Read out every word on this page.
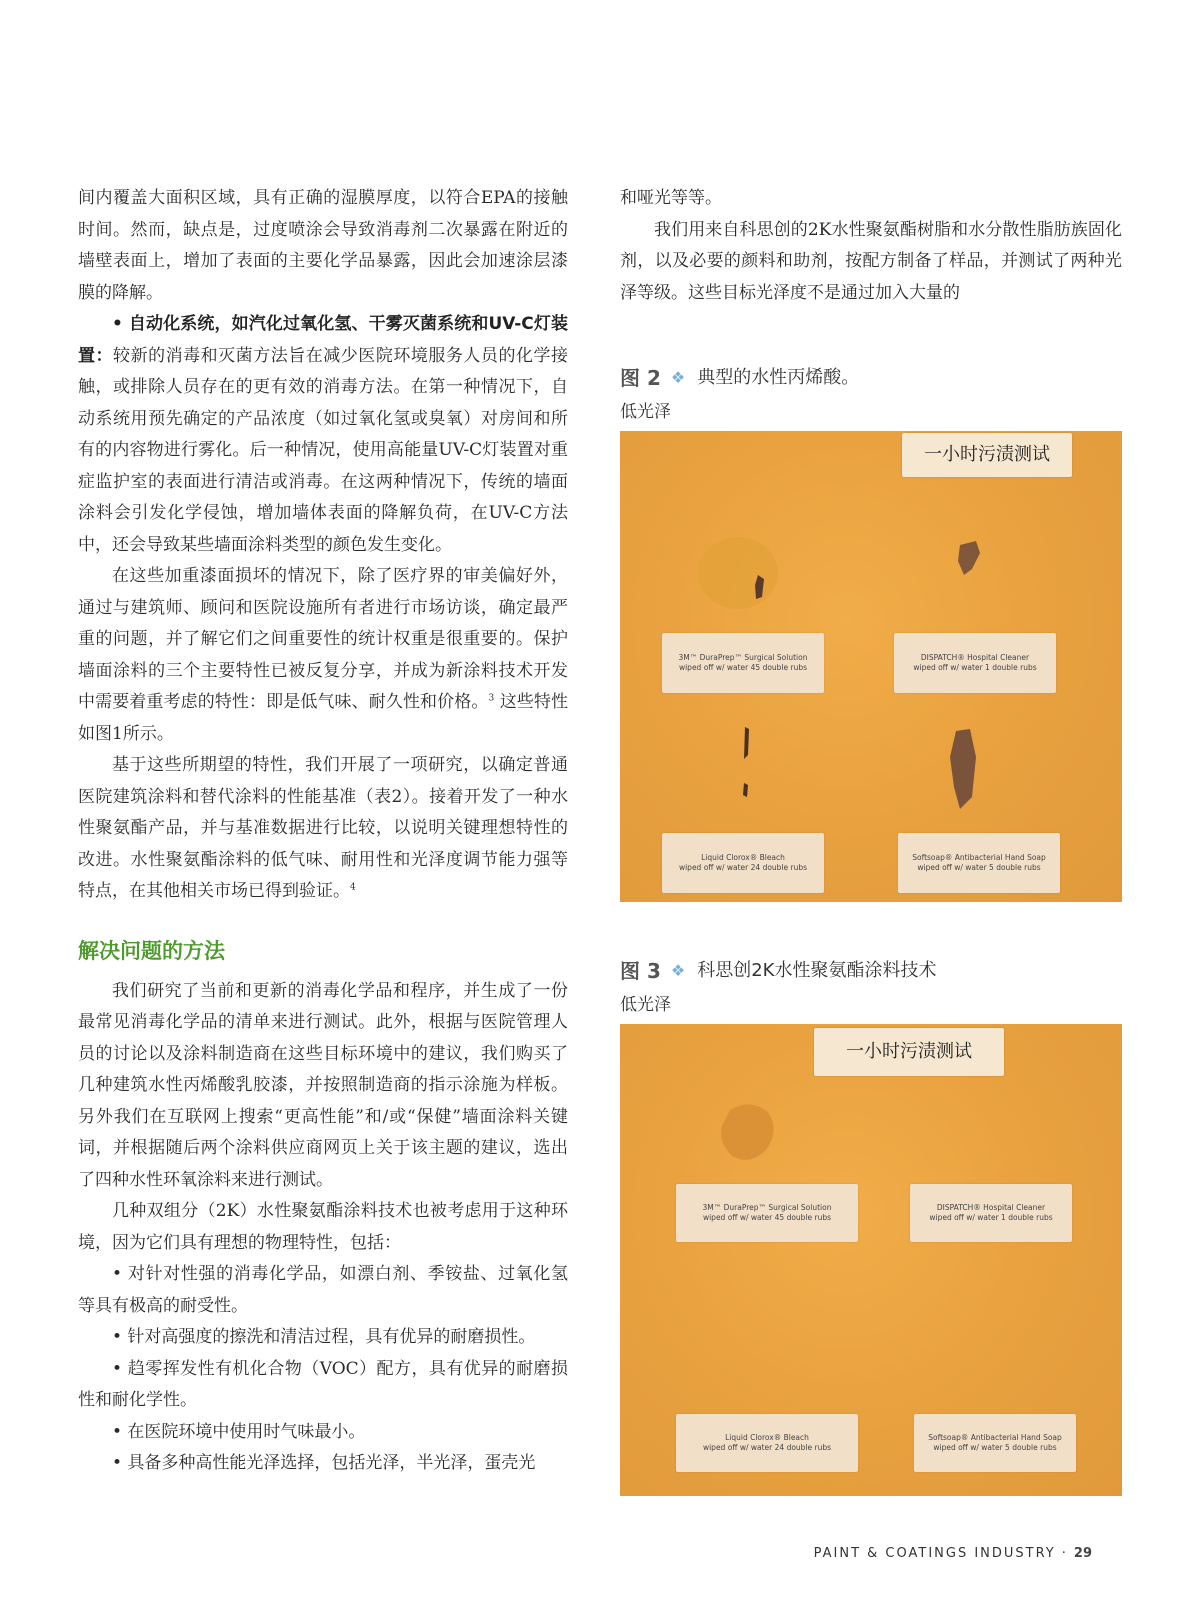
间内覆盖大面积区域，具有正确的湿膜厚度，以符合EPA的接触时间。然而，缺点是，过度喷涂会导致消毒剂二次暴露在附近的墙壁表面上，增加了表面的主要化学品暴露，因此会加速涂层漆膜的降解。

• 自动化系统，如汽化过氧化氢、干雾灭菌系统和UV-C灯装置：较新的消毒和灭菌方法旨在减少医院环境服务人员的化学接触，或排除人员存在的更有效的消毒方法。在第一种情况下，自动系统用预先确定的产品浓度（如过氧化氢或臭氧）对房间和所有的内容物进行雾化。后一种情况，使用高能量UV-C灯装置对重症监护室的表面进行清洁或消毒。在这两种情况下，传统的墙面涂料会引发化学侵蚀，增加墙体表面的降解负荷，在UV-C方法中，还会导致某些墙面涂料类型的颜色发生变化。

在这些加重漆面损坏的情况下，除了医疗界的审美偏好外，通过与建筑师、顾问和医院设施所有者进行市场访谈，确定最严重的问题，并了解它们之间重要性的统计权重是很重要的。保护墙面涂料的三个主要特性已被反复分享，并成为新涂料技术开发中需要着重考虑的特性：即是低气味、耐久性和价格。$^3$ 这些特性如图1所示。

基于这些所期望的特性，我们开展了一项研究，以确定普通医院建筑涂料和替代涂料的性能基准（表2）。接着开发了一种水性聚氨酯产品，并与基准数据进行比较，以说明关键理想特性的改进。水性聚氨酯涂料的低气味、耐用性和光泽度调节能力强等特点，在其他相关市场已得到验证。$^4$

解决问题的方法

我们研究了当前和更新的消毒化学品和程序，并生成了一份最常见消毒化学品的清单来进行测试。此外，根据与医院管理人员的讨论以及涂料制造商在这些目标环境中的建议，我们购买了几种建筑水性丙烯酸乳胶漆，并按照制造商的指示涂施为样板。另外我们在互联网上搜索“更高性能”和/或“保健”墙面涂料关键词，并根据随后两个涂料供应商网页上关于该主题的建议，选出了四种水性环氧涂料来进行测试。

几种双组分（2K）水性聚氨酯涂料技术也被考虑用于这种环境，因为它们具有理想的物理特性，包括：

• 对针对性强的消毒化学品，如漂白剂、季铵盐、过氧化氢等具有极高的耐受性。

• 针对高强度的擦洗和清洁过程，具有优异的耐磨损性。

• 趋零挥发性有机化合物（VOC）配方，具有优异的耐磨损性和耐化学性。

• 在医院环境中使用时气味最小。

• 具备多种高性能光泽选择，包括光泽，半光泽，蛋壳光

和哑光等等。

我们用来自科思创的2K水性聚氨酯树脂和水分散性脂肪族固化剂，以及必要的颜料和助剂，按配方制备了样品，并测试了两种光泽等级。这些目标光泽度不是通过加入大量的

图 2 ❖ 典型的水性丙烯酸。
低光泽
一小时污渍测试
3M™ DuraPrep™ Surgical Solution
wiped off w/ water 45 double rubs
DISPATCH® Hospital Cleaner
wiped off w/ water 1 double rubs
Liquid Clorox® Bleach
wiped off w/ water 24 double rubs
Softsoap® Antibacterial Hand Soap
wiped off w/ water 5 double rubs
图 3 ❖ 科思创2K水性聚氨酯涂料技术
低光泽
一小时污渍测试
3M™ DuraPrep™ Surgical Solution
wiped off w/ water 45 double rubs
DISPATCH® Hospital Cleaner
wiped off w/ water 1 double rubs
Liquid Clorox® Bleach
wiped off w/ water 24 double rubs
Softsoap® Antibacterial Hand Soap
wiped off w/ water 5 double rubs
PAINT & COATINGS INDUSTRY · 29
